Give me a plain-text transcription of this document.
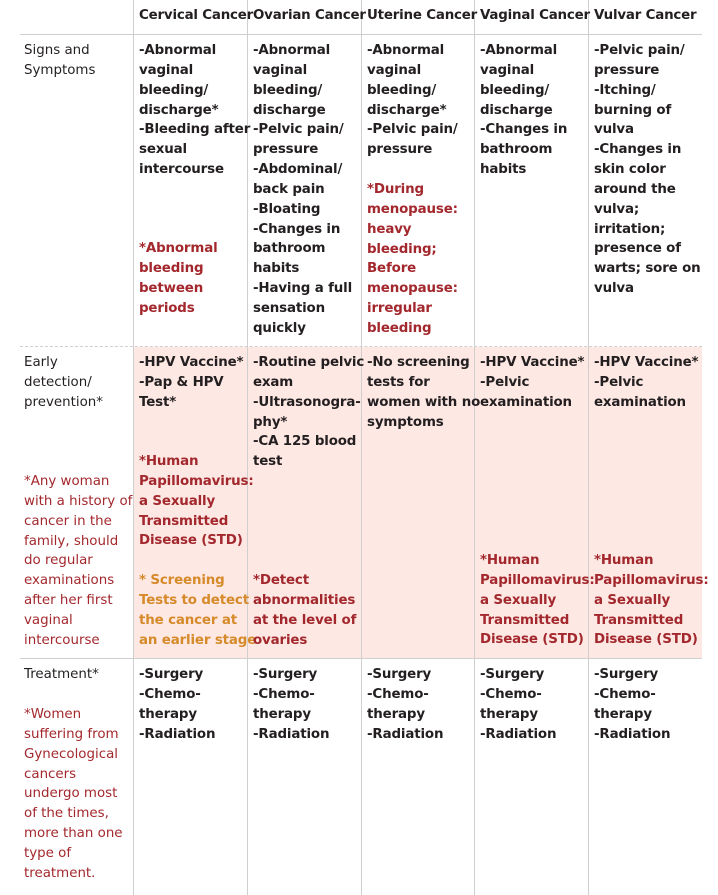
Cervical Cancer Ovarian Cancer Uterine Cancer Vaginal Cancer Vulvar Cancer
Signs and
Symptoms
-Abnormal
vaginal
bleeding/
discharge*
-Bleeding after
sexual
intercourse
*Abnormal
bleeding
between
periods
-Abnormal
vaginal
bleeding/
discharge
-Pelvic pain/
pressure
-Abdominal/
back pain
-Bloating
-Changes in
bathroom
habits
-Having a full
sensation
quickly
-Abnormal
vaginal
bleeding/
discharge*
-Pelvic pain/
pressure
*During
menopause:
heavy
bleeding;
Before
menopause:
irregular
bleeding
-Abnormal
vaginal
bleeding/
discharge
-Changes in
bathroom
habits
-Pelvic pain/
pressure
-Itching/
burning of
vulva
-Changes in
skin color
around the
vulva;
irritation;
presence of
warts; sore on
vulva
Early
detection/
prevention*
*Any woman
with a history of
cancer in the
family, should
do regular
examinations
after her first
vaginal
intercourse
-HPV Vaccine*
-Pap & HPV
Test*
*Human
Papillomavirus:
a Sexually
Transmitted
Disease (STD)
* Screening
Tests to detect
the cancer at
an earlier stage
-Routine pelvic
exam
-Ultrasonogra-
phy*
-CA 125 blood
test
*Detect
abnormalities
at the level of
ovaries
-No screening
tests for
women with no
symptoms
-HPV Vaccine*
-Pelvic
examination
*Human
Papillomavirus:
a Sexually
Transmitted
Disease (STD)
-HPV Vaccine*
-Pelvic
examination
*Human
Papillomavirus:
a Sexually
Transmitted
Disease (STD)
Treatment*
*Women
suffering from
Gynecological
cancers
undergo most
of the times,
more than one
type of
treatment.
-Surgery
-Chemo-
therapy
-Radiation
-Surgery
-Chemo-
therapy
-Radiation
-Surgery
-Chemo-
therapy
-Radiation
-Surgery
-Chemo-
therapy
-Radiation
-Surgery
-Chemo-
therapy
-Radiation
